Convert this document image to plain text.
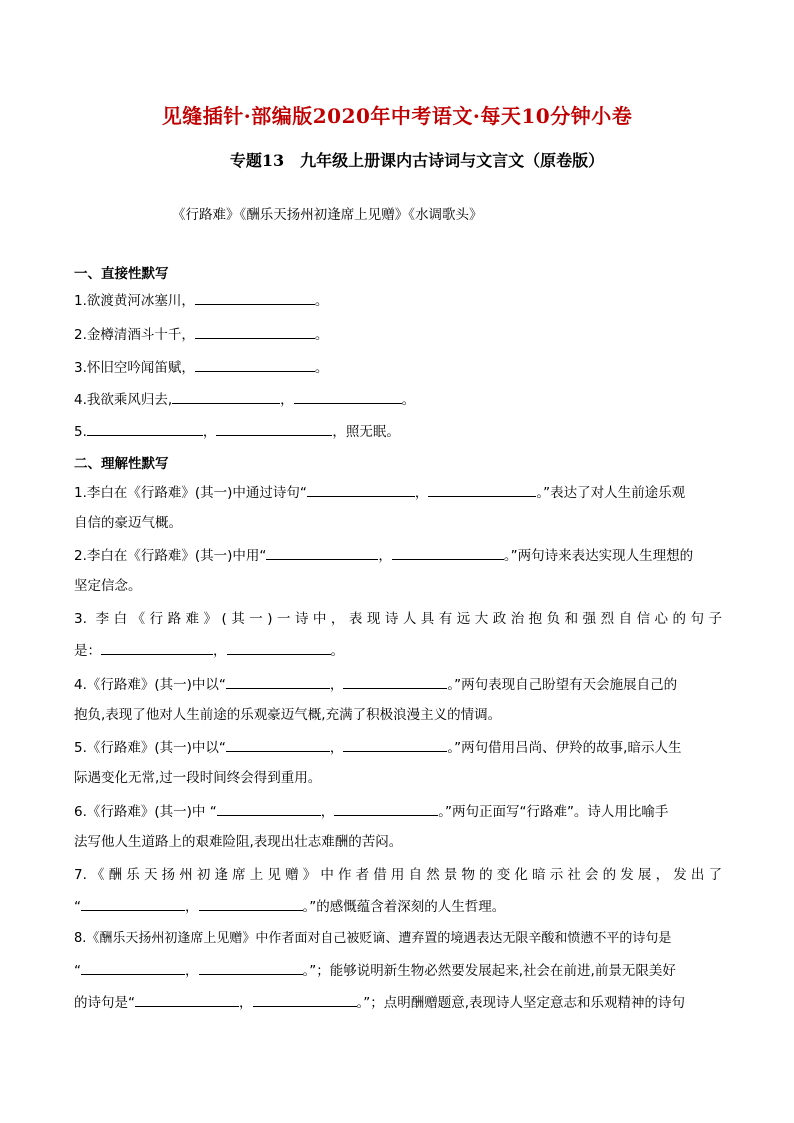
见缝插针·部编版2020年中考语文·每天10分钟小卷
专题13　九年级上册课内古诗词与文言文（原卷版）
《行路难》《酬乐天扬州初逢席上见赠》《水调歌头》
一、直接性默写
1.欲渡黄河冰塞川，	。
2.金樽清酒斗十千，	。
3.怀旧空吟闻笛赋，	。
4.我欲乘风归去,	，	。
5.	，	，照无眠。
二、理解性默写
1.李白在《行路难》(其一)中通过诗句“	，	。”表达了对人生前途乐观
自信的豪迈气概。
2.李白在《行路难》(其一)中用“	，	。”两句诗来表达实现人生理想的
坚定信念。
3. 李白《行路难》(其一)一诗中，表现诗人具有远大政治抱负和强烈自信心的句子
是：	，	。
4.《行路难》(其一)中以“	，	。”两句表现自己盼望有天会施展自己的
抱负,表现了他对人生前途的乐观豪迈气概,充满了积极浪漫主义的情调。
5.《行路难》(其一)中以“	，	。”两句借用吕尚、伊羚的故事,暗示人生
际遇变化无常,过一段时间终会得到重用。
6.《行路难》(其一)中 “	，	。”两句正面写“行路难”。诗人用比喻手
法写他人生道路上的艰难险阻,表现出壮志难酬的苦闷。
7.《酬乐天扬州初逢席上见赠》中作者借用自然景物的变化暗示社会的发展，发出了
“	，	。”的感慨蕴含着深刻的人生哲理。
8.《酬乐天扬州初逢席上见赠》中作者面对自己被贬谪、遭弃置的境遇表达无限辛酸和愤懑不平的诗句是
“	，	。”；能够说明新生物必然要发展起来,社会在前进,前景无限美好
的诗句是“	，	。”；点明酬赠题意,表现诗人坚定意志和乐观精神的诗句
